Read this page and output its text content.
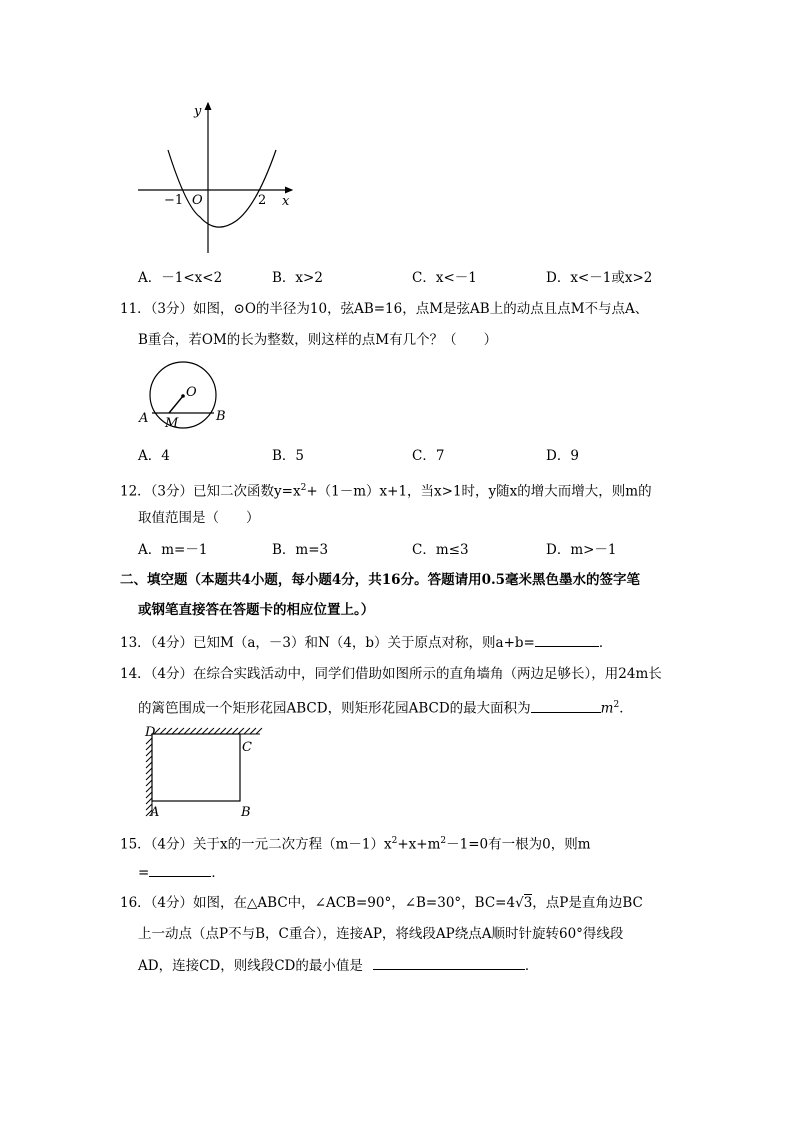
y
x
O
−1	2
A．－1<x<2	B．x>2	C．x<－1	D．x<－1或x>2
11．（3分）如图，⊙O的半径为10，弦AB=16，点M是弦AB上的动点且点M不与点A、
B重合，若OM的长为整数，则这样的点M有几个？（　　）
O
A M	B
A．4	B．5	C．7	D．9
12．（3分）已知二次函数$y=x^2+(1-m)x+1$，当x>1时，y随x的增大而增大，则m的
取值范围是（　　）
A．m=－1	B．m=3	C．m≤3	D．m>－1
二、填空题（本题共4小题，每小题4分，共16分。答题请用0.5毫米黑色墨水的签字笔
或钢笔直接答在答题卡的相应位置上。）
13．（4分）已知M（a，－3）和N（4，b）关于原点对称，则a+b=	．
14．（4分）在综合实践活动中，同学们借助如图所示的直角墙角（两边足够长），用24m长
的篱笆围成一个矩形花园ABCD，则矩形花园ABCD的最大面积为	$m^2$．
D
C
A	B
15．（4分）关于x的一元二次方程$(m-1)x^2+x+m^2-1=0$有一根为0，则m
=	．
16．（4分）如图，在△ABC中，∠ACB=90°，∠B=30°，BC=4√3，点P是直角边BC
上一动点（点P不与B，C重合），连接AP，将线段AP绕点A顺时针旋转60°得线段
AD，连接CD，则线段CD的最小值是	．
